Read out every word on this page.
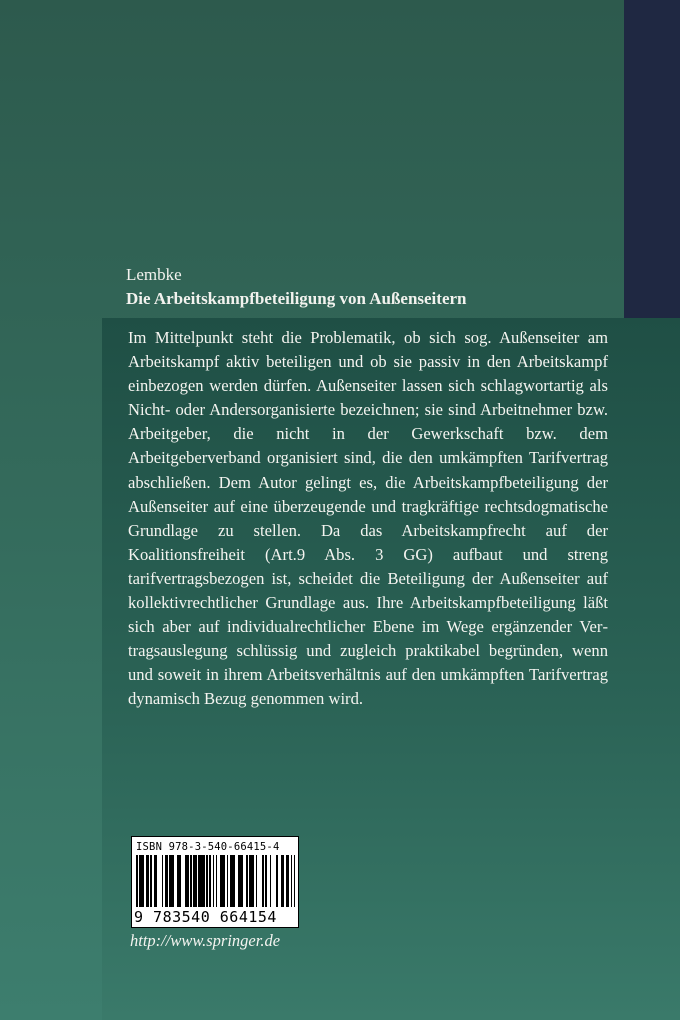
Lembke
Die Arbeitskampfbeteiligung von Außenseitern

Im Mittelpunkt steht die Problematik, ob sich sog. Außenseiter am Arbeitskampf aktiv beteiligen und ob sie passiv in den Arbeitskampf einbezogen werden dürfen. Außenseiter lassen sich schlagwortartig als Nicht- oder Andersorganisierte bezeichnen; sie sind Arbeitnehmer bzw. Arbeitgeber, die nicht in der Gewerkschaft bzw. dem Arbeitgeberverband organisiert sind, die den umkämpften Tarifvertrag abschließen. Dem Autor gelingt es, die Arbeitskampfbeteiligung der Außenseiter auf eine überzeugende und tragkräftige rechtsdogmatische Grundlage zu stellen. Da das Arbeitskampfrecht auf der Koalitionsfreiheit (Art.9 Abs. 3 GG) aufbaut und streng tarifvertragsbezogen ist, scheidet die Beteiligung der Außenseiter auf kollektivrechtlicher Grundlage aus. Ihre Arbeitskampfbeteiligung läßt sich aber auf individualrechtlicher Ebene im Wege ergänzender Vertragsauslegung schlüssig und zugleich praktikabel begründen, wenn und soweit in ihrem Arbeitsverhältnis auf den umkämpften Tarifvertrag dynamisch Bezug genommen wird.

ISBN 978-3-540-66415-4
9 783540 664154
http://www.springer.de
